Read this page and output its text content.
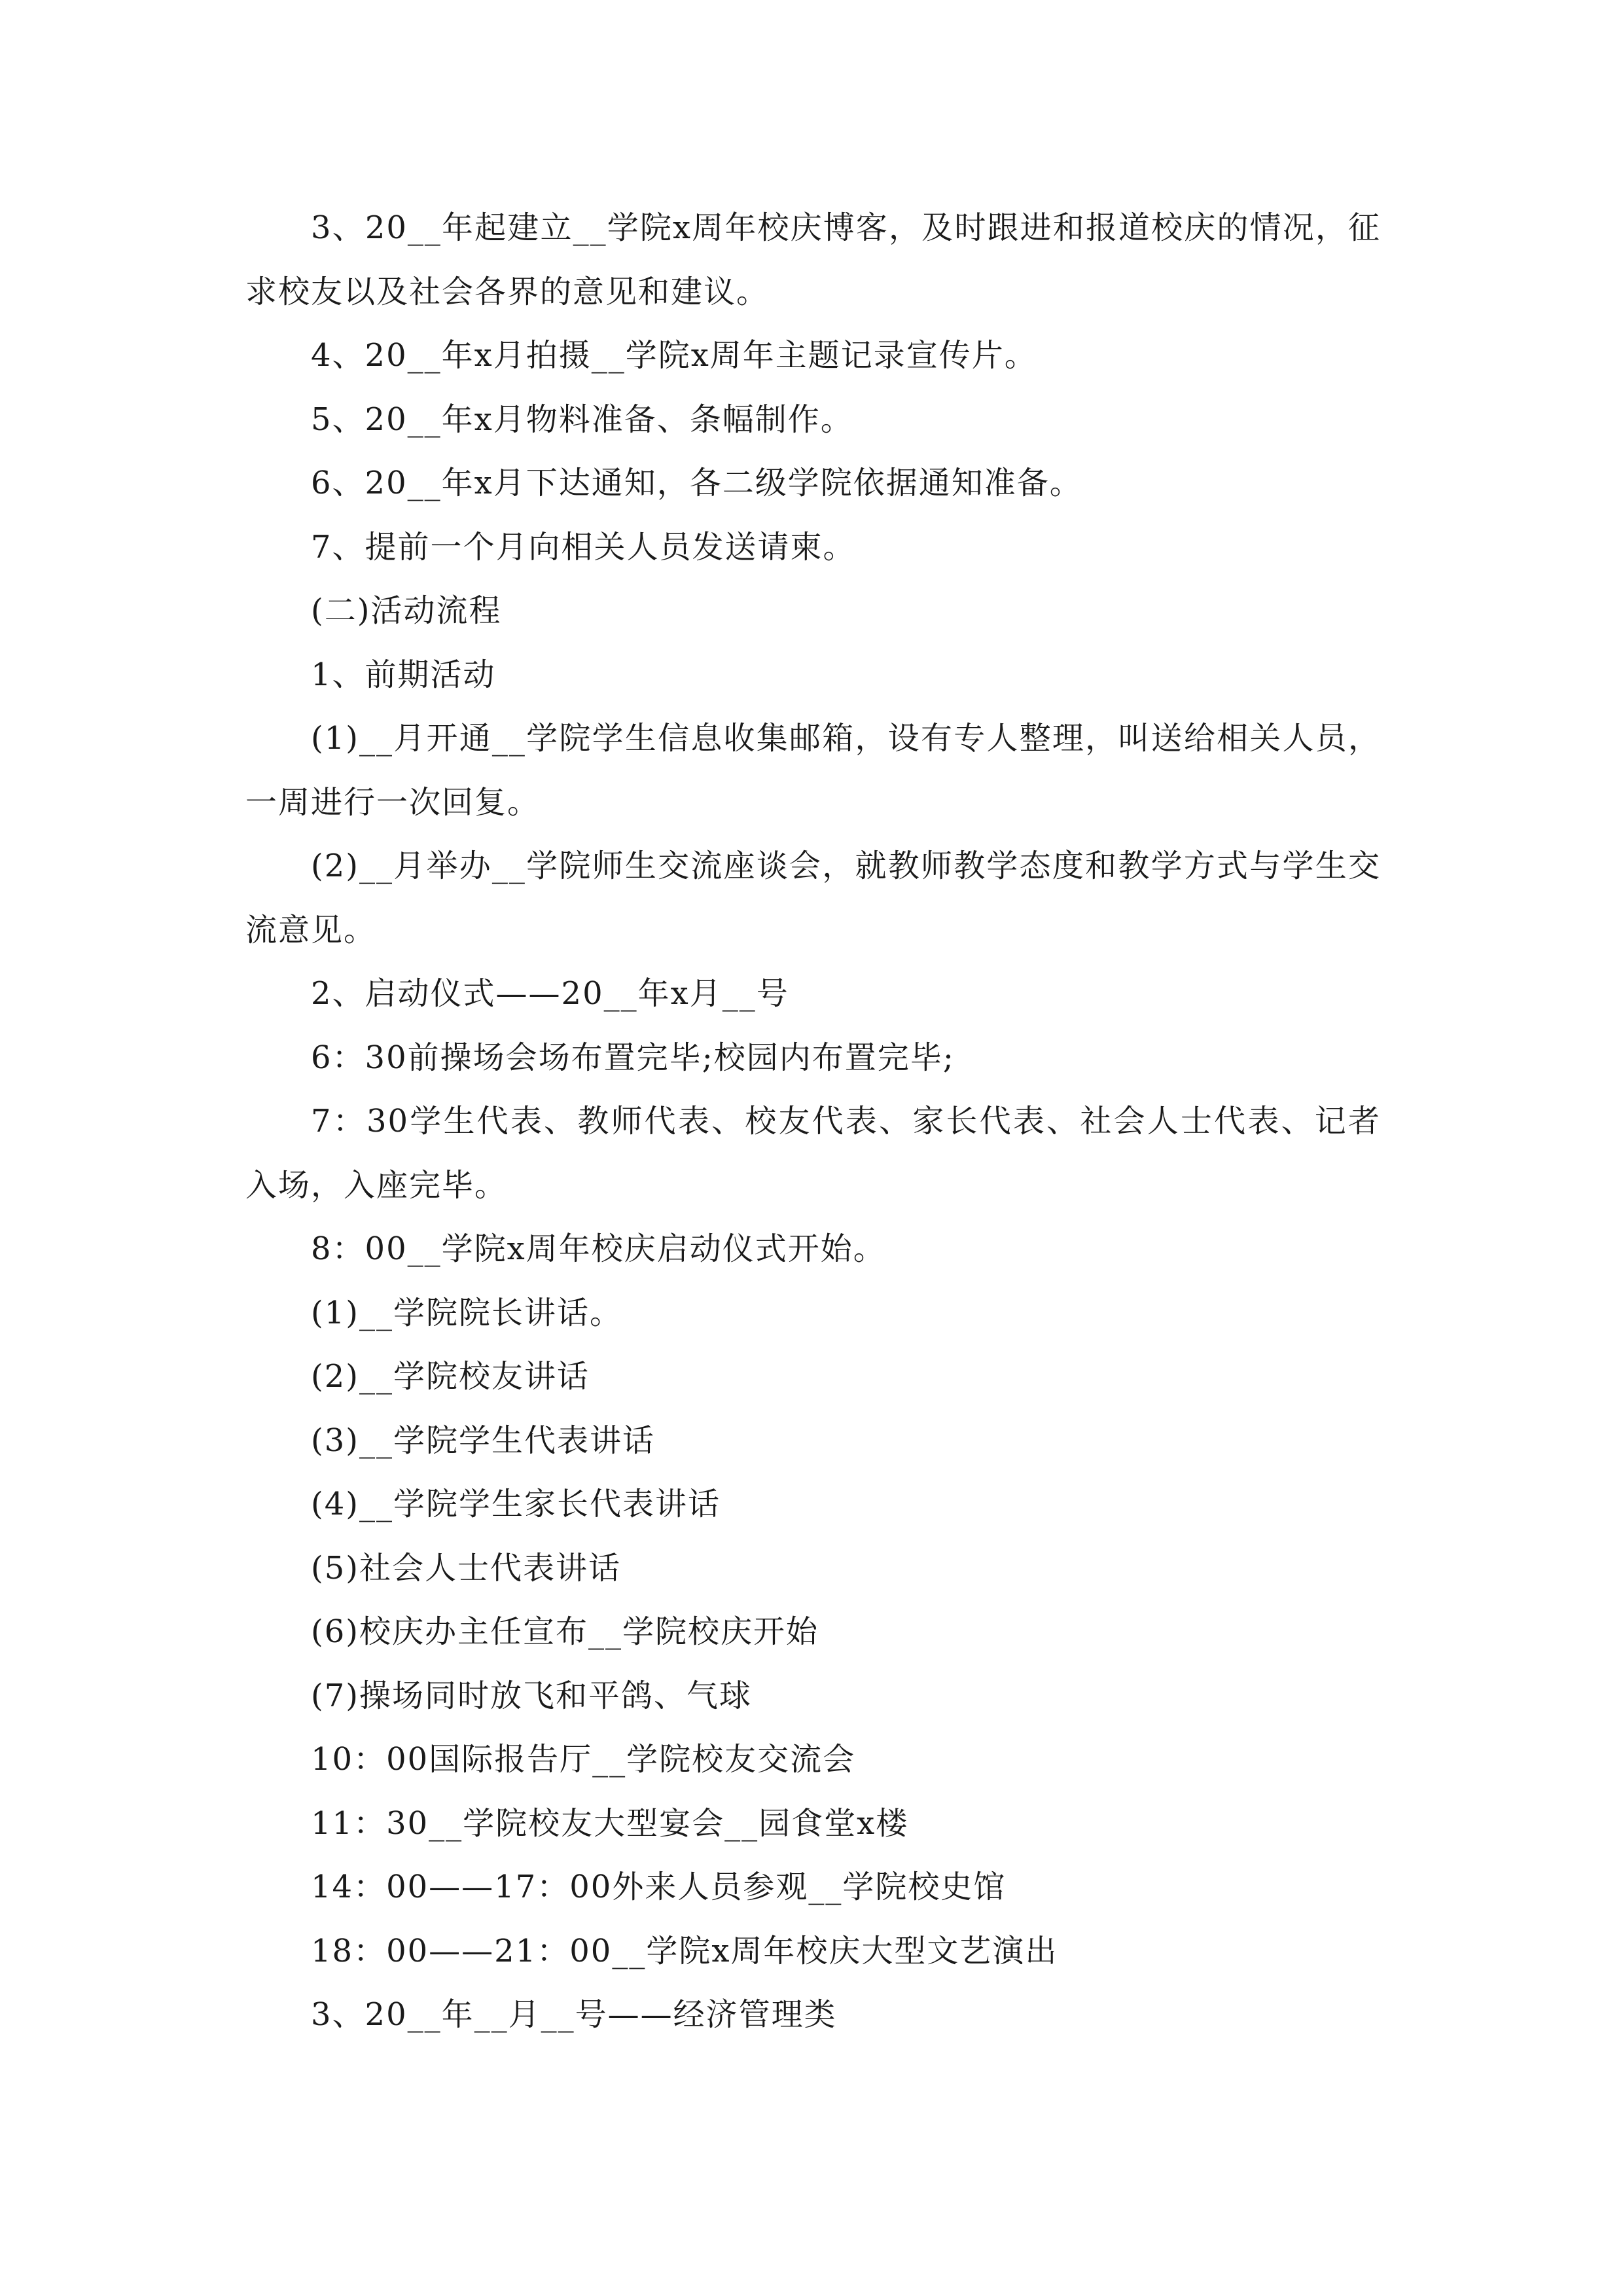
3、20__年起建立__学院x周年校庆博客，及时跟进和报道校庆的情况，征求校友以及社会各界的意见和建议。

4、20__年x月拍摄__学院x周年主题记录宣传片。

5、20__年x月物料准备、条幅制作。

6、20__年x月下达通知，各二级学院依据通知准备。

7、提前一个月向相关人员发送请柬。

(二)活动流程

1、前期活动

(1)__月开通__学院学生信息收集邮箱，设有专人整理，叫送给相关人员，一周进行一次回复。

(2)__月举办__学院师生交流座谈会，就教师教学态度和教学方式与学生交流意见。

2、启动仪式——20__年x月__号

6：30前操场会场布置完毕;校园内布置完毕;

7：30学生代表、教师代表、校友代表、家长代表、社会人士代表、记者入场，入座完毕。

8：00__学院x周年校庆启动仪式开始。

(1)__学院院长讲话。

(2)__学院校友讲话

(3)__学院学生代表讲话

(4)__学院学生家长代表讲话

(5)社会人士代表讲话

(6)校庆办主任宣布__学院校庆开始

(7)操场同时放飞和平鸽、气球

10：00国际报告厅__学院校友交流会

11：30__学院校友大型宴会__园食堂x楼

14：00——17：00外来人员参观__学院校史馆

18：00——21：00__学院x周年校庆大型文艺演出

3、20__年__月__号——经济管理类
